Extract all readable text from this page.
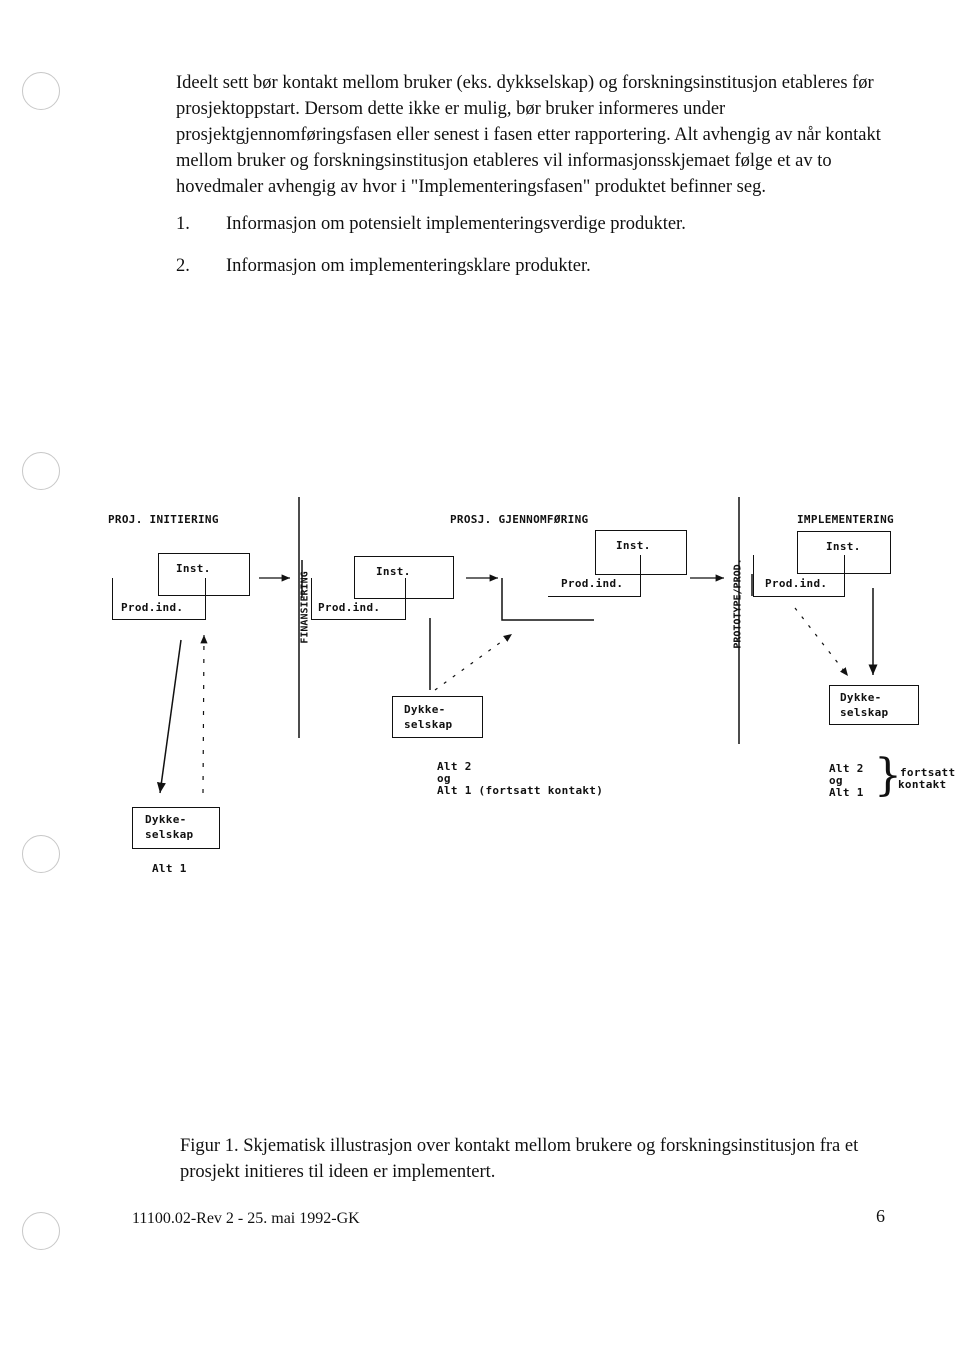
Ideelt sett bør kontakt mellom bruker (eks. dykkselskap) og forskningsinstitusjon etableres før prosjektoppstart. Dersom dette ikke er mulig, bør bruker informeres under prosjektgjennomføringsfasen eller senest i fasen etter rapportering. Alt avhengig av når kontakt mellom bruker og forskningsinstitusjon etableres vil informasjonsskjemaet følge et av to hovedmaler avhengig av hvor i "Implementeringsfasen" produktet befinner seg.
1. Informasjon om potensielt implementeringsverdige produkter.
2. Informasjon om implementeringsklare produkter.
PROJ. INITIERING	PROSJ. GJENNOMFØRING	IMPLEMENTERING
FINANSIERING	PROTOTYPE/PROD.
Inst.
Prod.ind.
Inst.
Prod.ind.
Inst.
Prod.ind.
Inst.
Prod.ind.
Dykke-
selskap
Dykke-
selskap
Dykke-
selskap
Alt 1
Alt 2
og
Alt 1 (fortsatt kontakt)
Alt 2
og
Alt 1 }
fortsatt
kontakt
Figur 1. Skjematisk illustrasjon over kontakt mellom brukere og forskningsinstitusjon fra et prosjekt initieres til ideen er implementert.
11100.02-Rev 2 - 25. mai 1992-GK	6
